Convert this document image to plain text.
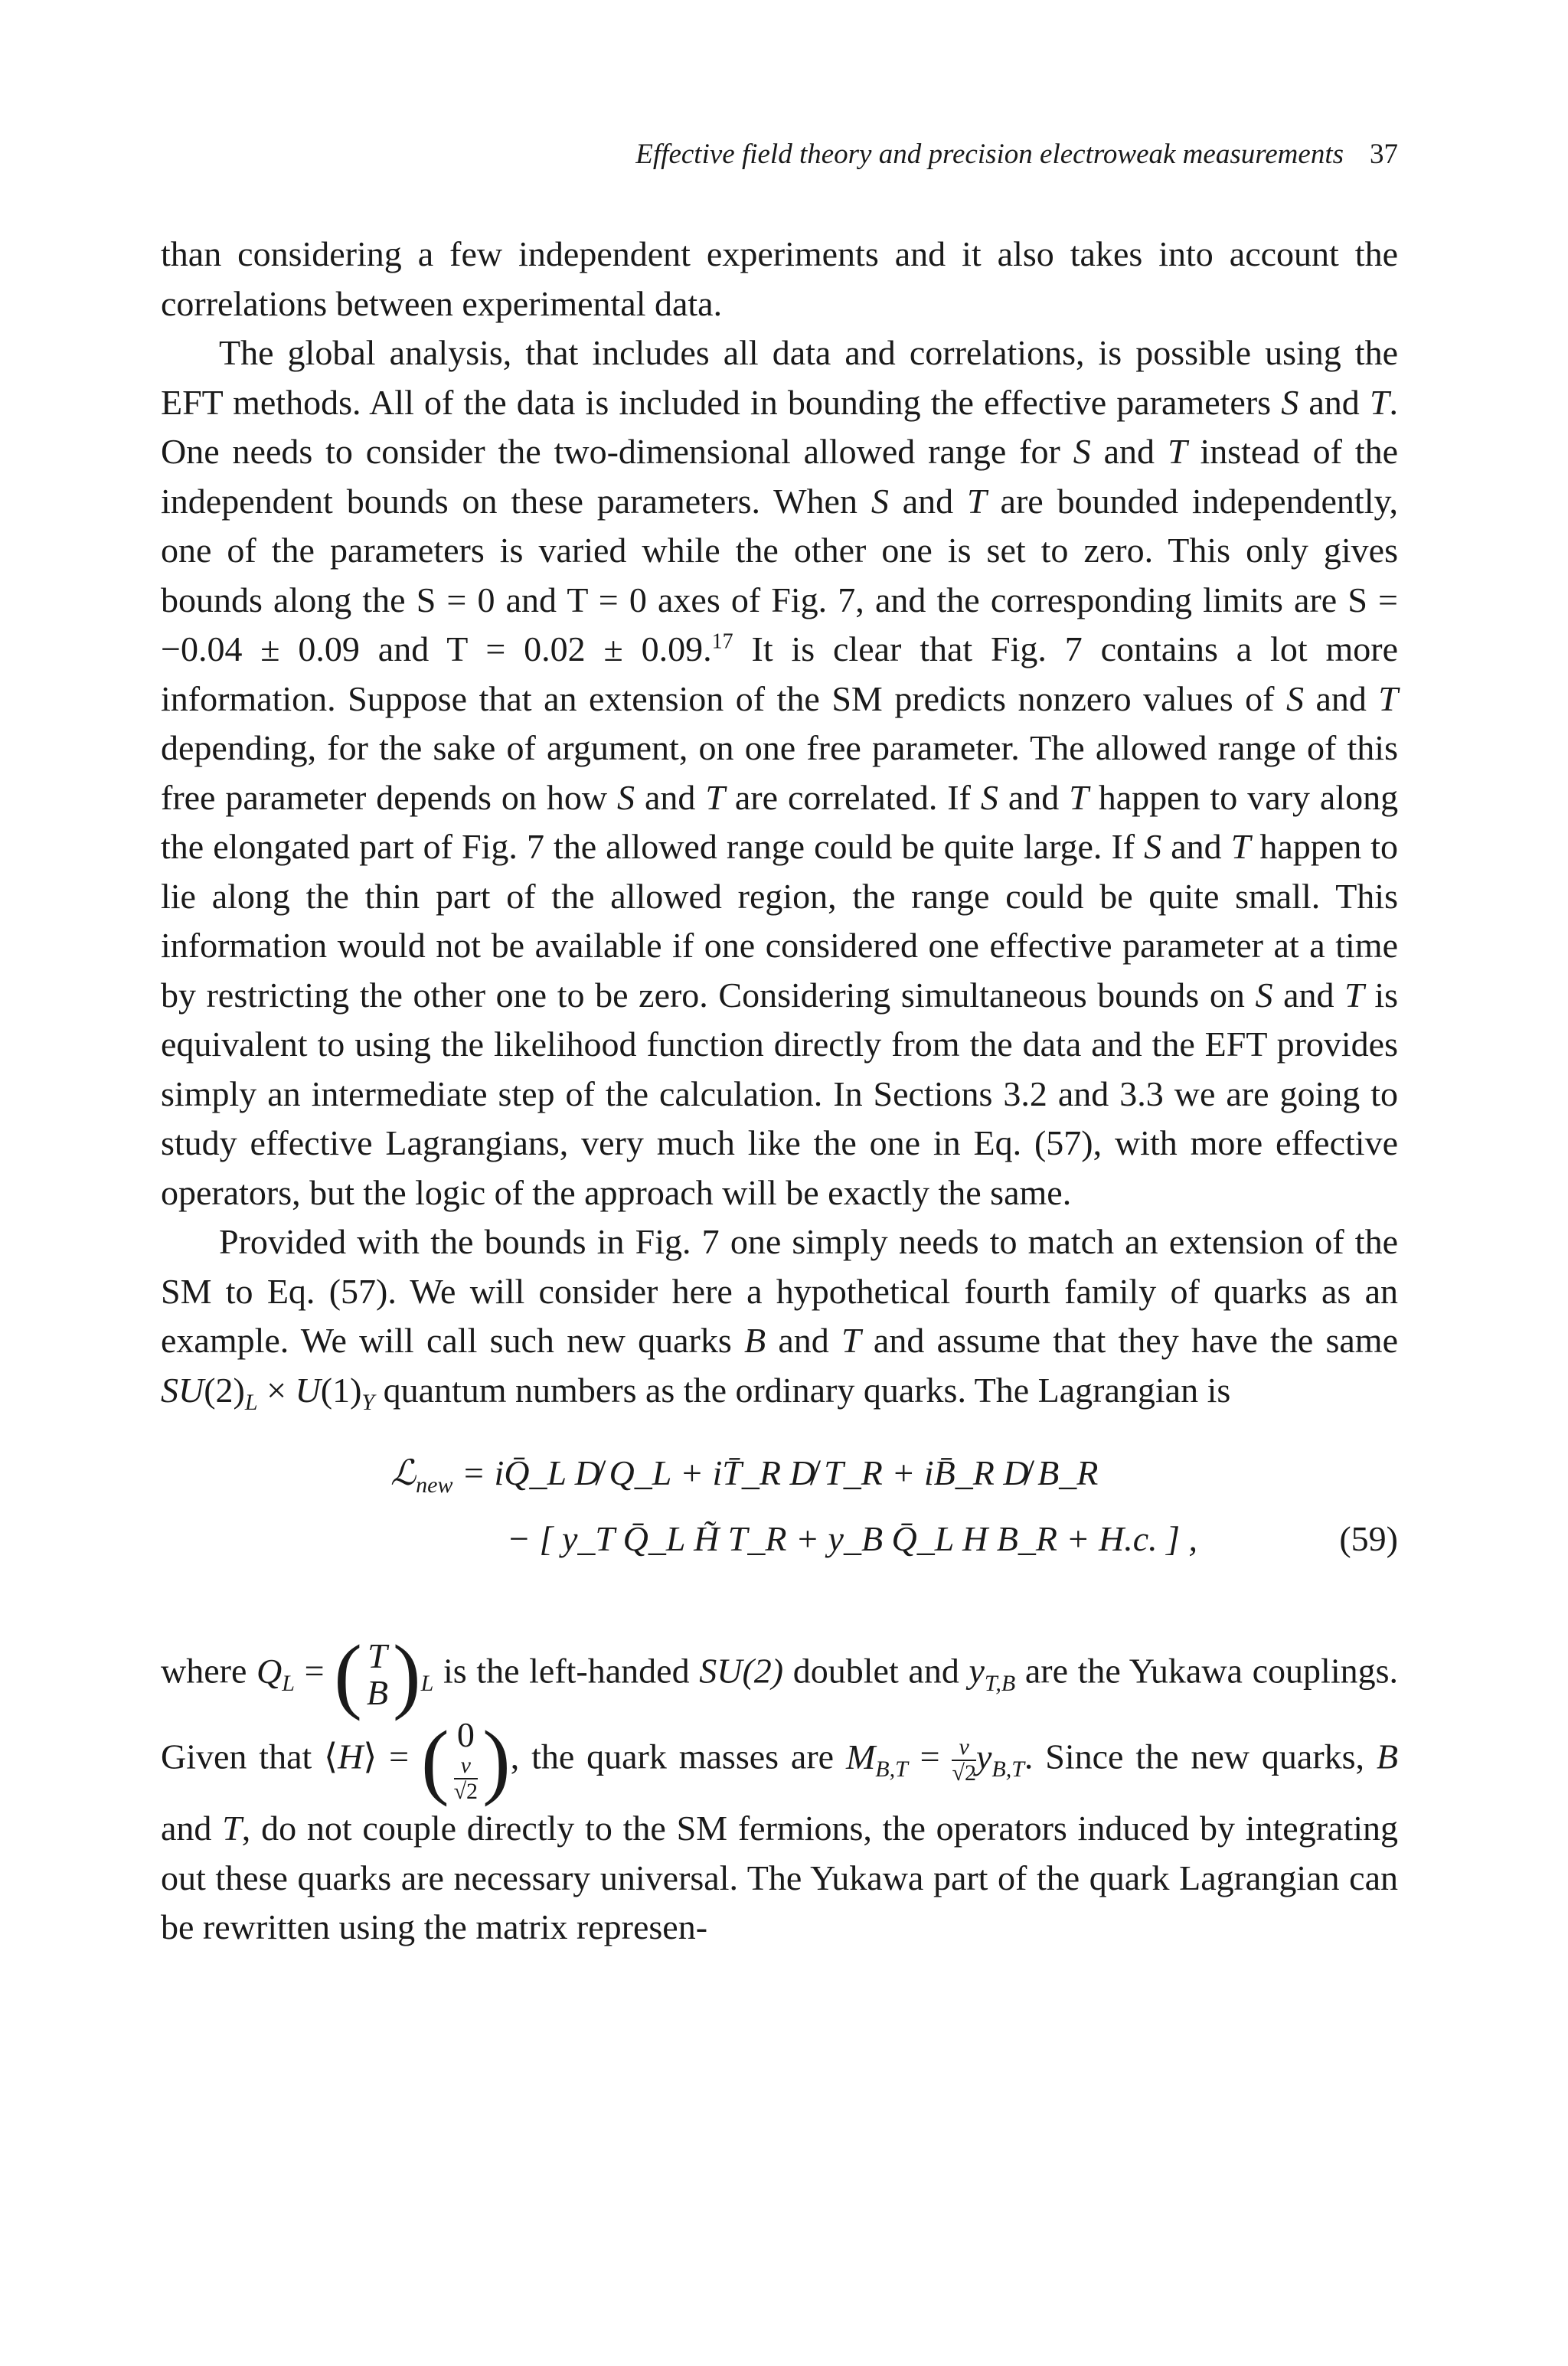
Effective field theory and precision electroweak measurements 37

than considering a few independent experiments and it also takes into account the correlations between experimental data.

The global analysis, that includes all data and correlations, is possible using the EFT methods. All of the data is included in bounding the effective parameters S and T. One needs to consider the two-dimensional allowed range for S and T instead of the independent bounds on these parameters. When S and T are bounded independently, one of the parameters is varied while the other one is set to zero. This only gives bounds along the S = 0 and T = 0 axes of Fig. 7, and the corresponding limits are S = −0.04 ± 0.09 and T = 0.02 ± 0.09.17 It is clear that Fig. 7 contains a lot more information. Suppose that an extension of the SM predicts nonzero values of S and T depending, for the sake of argument, on one free parameter. The allowed range of this free parameter depends on how S and T are correlated. If S and T happen to vary along the elongated part of Fig. 7 the allowed range could be quite large. If S and T happen to lie along the thin part of the allowed region, the range could be quite small. This information would not be available if one considered one effective parameter at a time by restricting the other one to be zero. Considering simultaneous bounds on S and T is equivalent to using the likelihood function directly from the data and the EFT provides simply an intermediate step of the calculation. In Sections 3.2 and 3.3 we are going to study effective Lagrangians, very much like the one in Eq. (57), with more effective operators, but the logic of the approach will be exactly the same.

Provided with the bounds in Fig. 7 one simply needs to match an extension of the SM to Eq. (57). We will consider here a hypothetical fourth family of quarks as an example. We will call such new quarks B and T and assume that they have the same $SU(2)_L \times U(1)_Y$ quantum numbers as the ordinary quarks. The Lagrangian is

ℒ$_{new}$ = iQ̄_L D̸ Q_L + iT̄_R D̸ T_R + iB̄_R D̸ B_R
− [ y_T Q̄_L H̃ T_R + y_B Q̄_L H B_R + H.c. ] ,	(59)

where $Q_L$ = ( T
$B)_L$ is the left-handed SU(2) doublet and $y_{T,B}$ are the Yukawa couplings. Given that ⟨H⟩ = ( 0

$\frac{v}{√2}$ ), the quark masses are $M_{B,T} = \frac{v}{√2} y_{B,T}$. Since the new quarks, B and T, do not couple directly to the SM fermions, the operators induced by integrating out these quarks are necessary universal. The Yukawa part of the quark Lagrangian can be rewritten using the matrix represen-
